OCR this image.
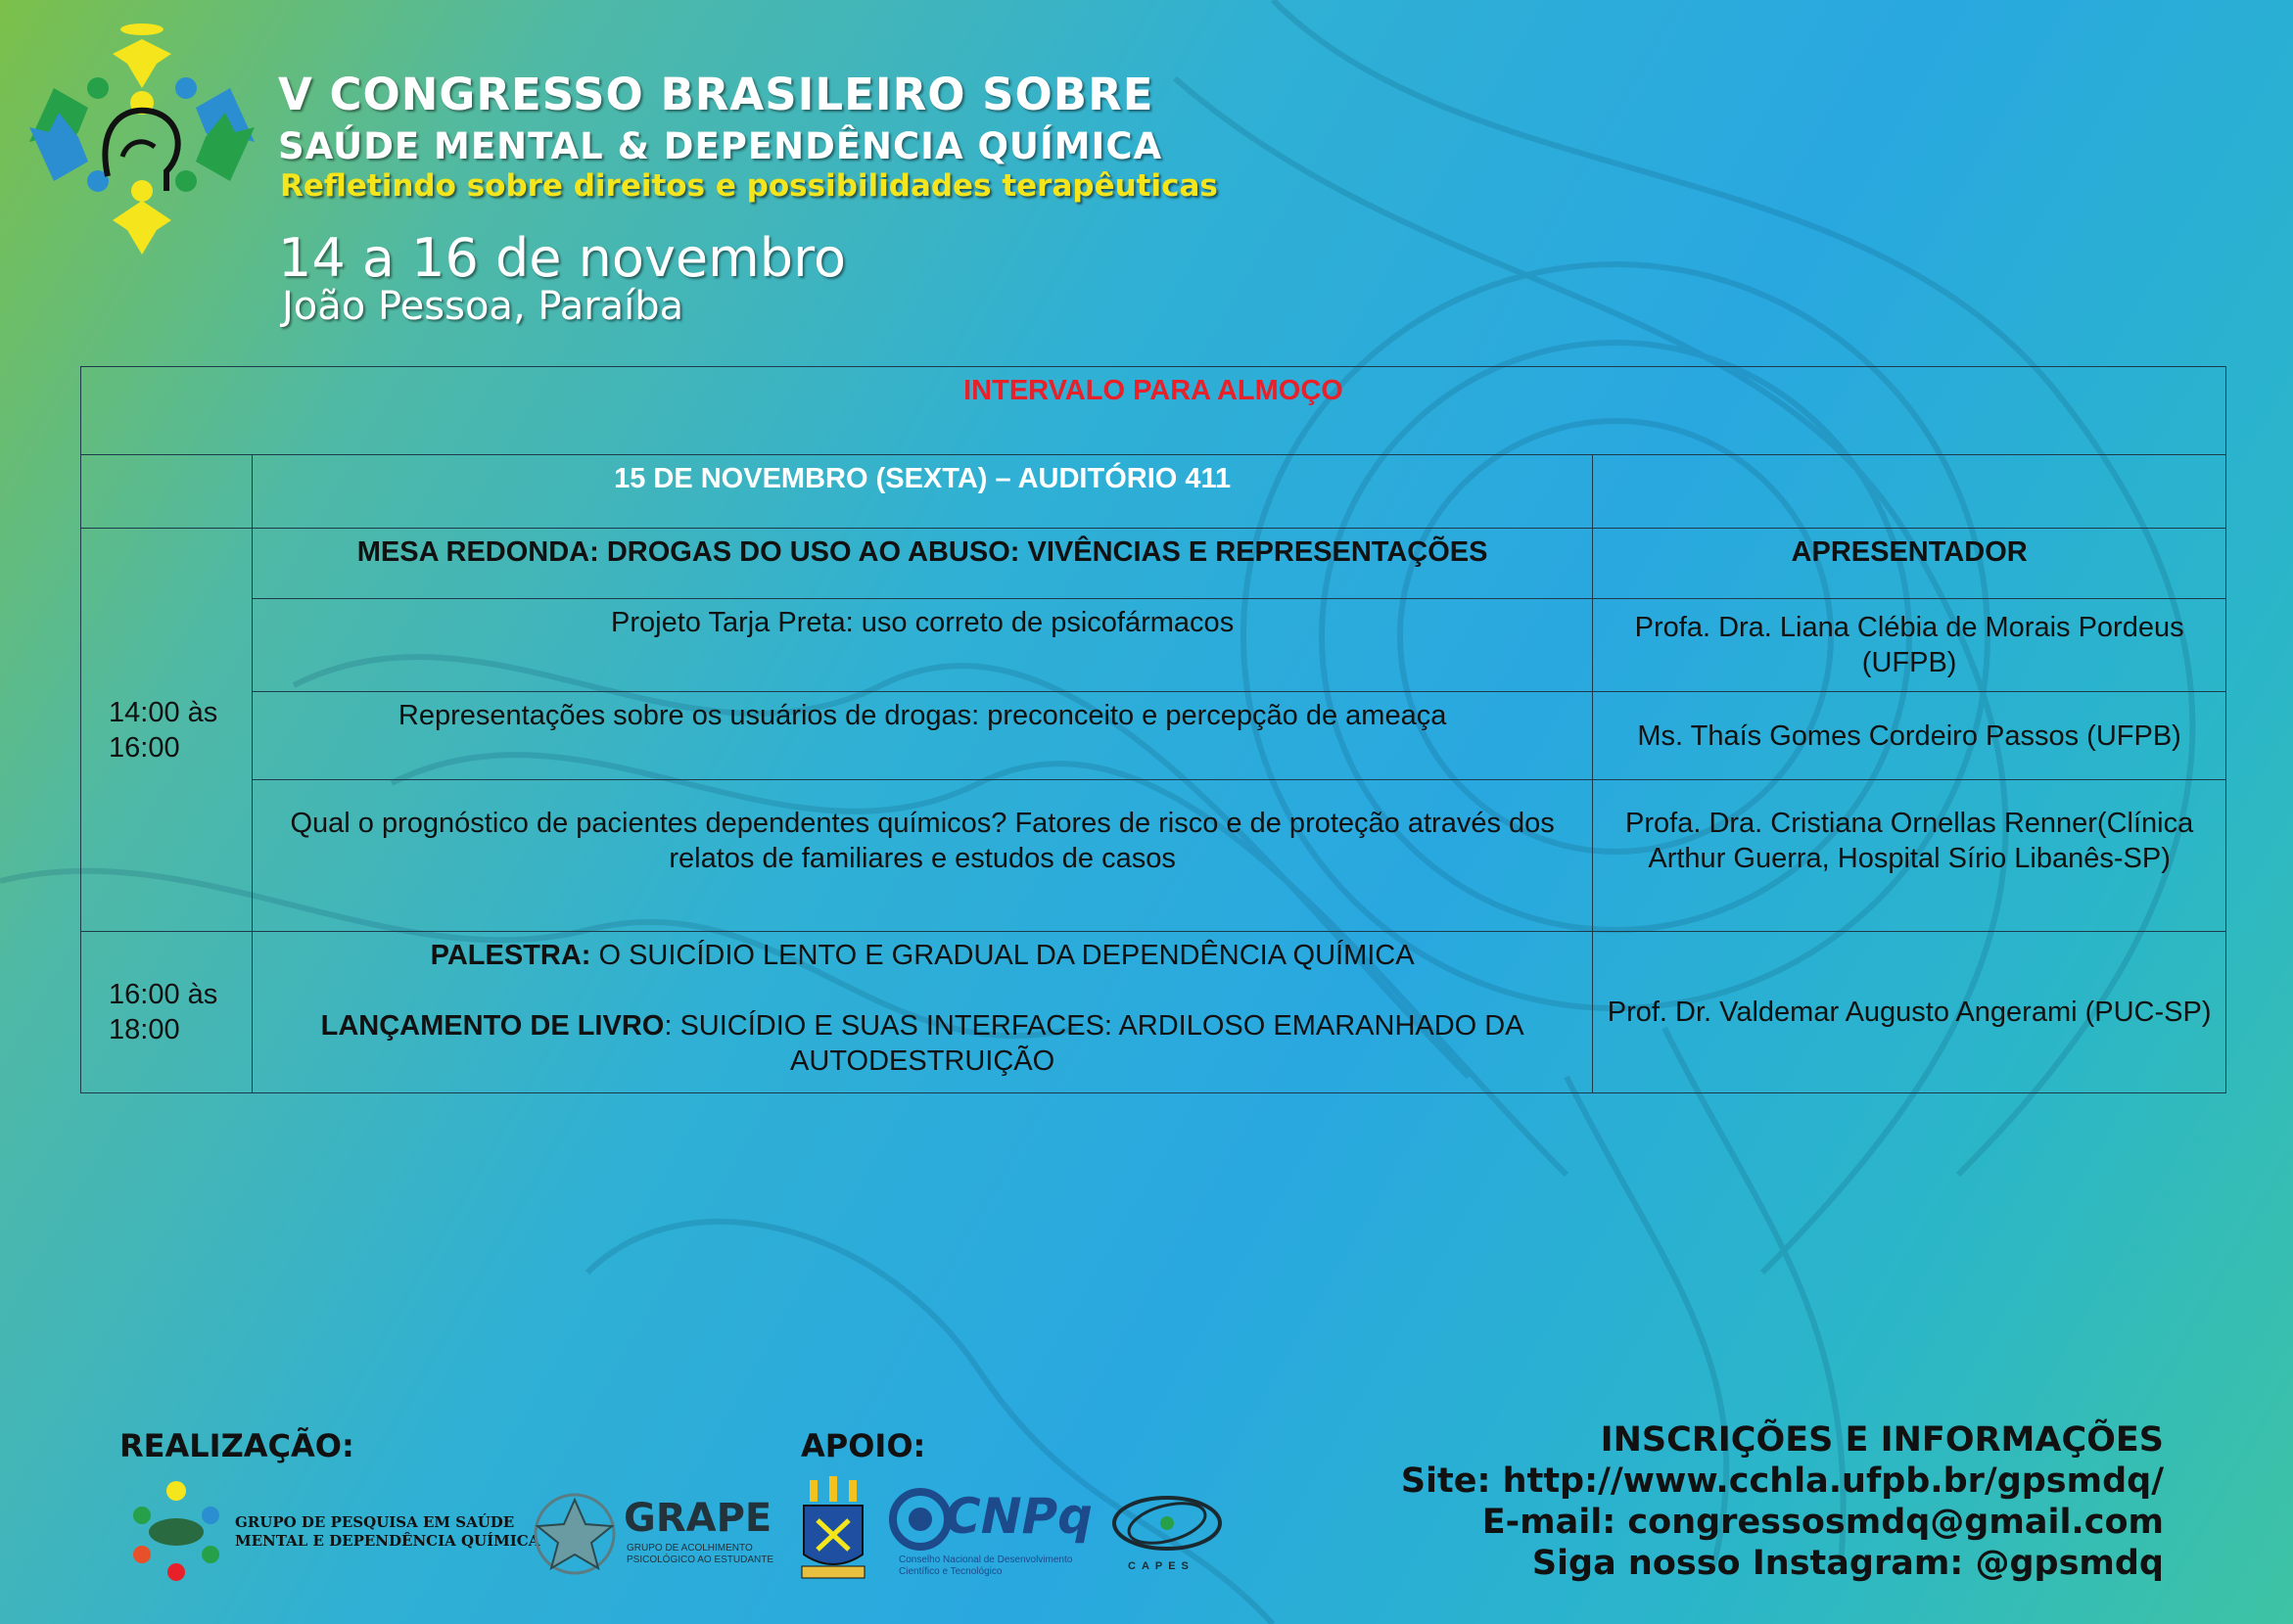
V CONGRESSO BRASILEIRO SOBRE
SAÚDE MENTAL & DEPENDÊNCIA QUÍMICA
Refletindo sobre direitos e possibilidades terapêuticas
14 a 16 de novembro
João Pessoa, Paraíba
INTERVALO PARA ALMOÇO		
	15 DE NOVEMBRO (SEXTA) – AUDITÓRIO 411	
14:00 às 16:00	MESA REDONDA: DROGAS DO USO AO ABUSO: VIVÊNCIAS E REPRESENTAÇÕES	APRESENTADOR
	Projeto Tarja Preta: uso correto de psicofármacos	Profa. Dra. Liana Clébia de Morais Pordeus (UFPB)
	Representações sobre os usuários de drogas: preconceito e percepção de ameaça	Ms. Thaís Gomes Cordeiro Passos (UFPB)
	Qual o prognóstico de pacientes dependentes químicos? Fatores de risco e de proteção através dos relatos de familiares e estudos de casos	Profa. Dra. Cristiana Ornellas Renner(Clínica Arthur Guerra, Hospital Sírio Libanês-SP)
16:00 às 18:00	PALESTRA: O SUICÍDIO LENTO E GRADUAL DA DEPENDÊNCIA QUÍMICA
LANÇAMENTO DE LIVRO: SUICÍDIO E SUAS INTERFACES: ARDILOSO EMARANHADO DA AUTODESTRUIÇÃO	Prof. Dr. Valdemar Augusto Angerami (PUC-SP)
REALIZAÇÃO:	APOIO:
GRUPO DE PESQUISA EM SAÚDE
MENTAL E DEPENDÊNCIA QUÍMICA GRAPE
GRUPO DE ACOLHIMENTO
PSICOLÓGICO AO ESTUDANTE
CNPq
Conselho Nacional de Desenvolvimento
Científico e Tecnológico	CAPES
INSCRIÇÕES E INFORMAÇÕES
Site: http://www.cchla.ufpb.br/gpsmdq/
E-mail: congressosmdq@gmail.com
Siga nosso Instagram: @gpsmdq
